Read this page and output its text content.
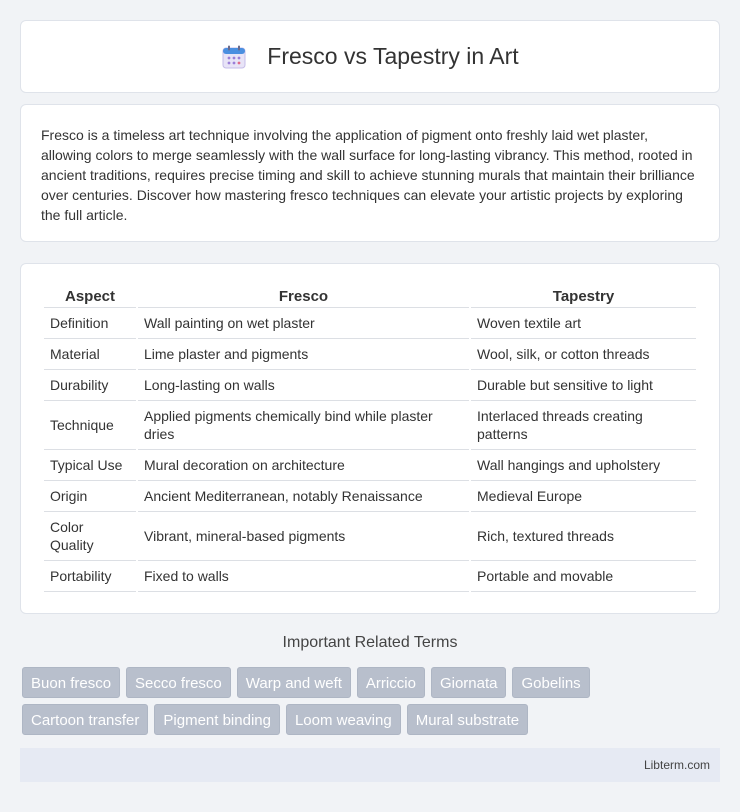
Fresco vs Tapestry in Art

Fresco is a timeless art technique involving the application of pigment onto freshly laid wet plaster, allowing colors to merge seamlessly with the wall surface for long-lasting vibrancy. This method, rooted in ancient traditions, requires precise timing and skill to achieve stunning murals that maintain their brilliance over centuries. Discover how mastering fresco techniques can elevate your artistic projects by exploring the full article.

Aspect	Fresco	Tapestry
Definition	Wall painting on wet plaster	Woven textile art
Material	Lime plaster and pigments	Wool, silk, or cotton threads
Durability	Long-lasting on walls	Durable but sensitive to light
Technique	Applied pigments chemically bind while plaster dries	Interlaced threads creating patterns
Typical Use	Mural decoration on architecture	Wall hangings and upholstery
Origin	Ancient Mediterranean, notably Renaissance	Medieval Europe
Color Quality	Vibrant, mineral-based pigments	Rich, textured threads
Portability	Fixed to walls	Portable and movable
Important Related Terms
Buon fresco	Secco fresco	Warp and weft	Arriccio	Giornata	Gobelins
Cartoon transfer	Pigment binding	Loom weaving	Mural substrate
Libterm.com
